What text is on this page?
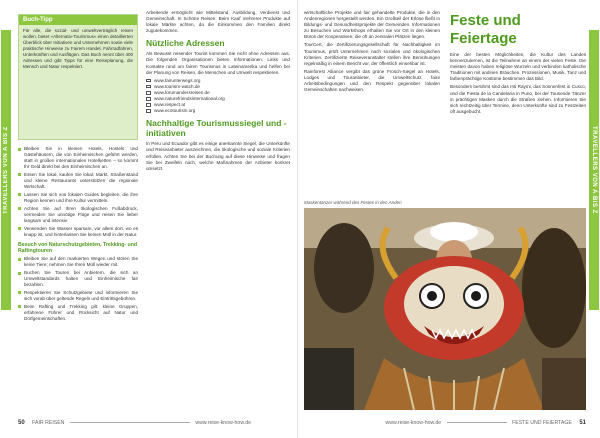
TRAVELLERS VON A BIS Z	TRAVELLERS VON A BIS Z
Buch-Tipp
Für alle, die sozial- und umweltverträglich reisen wollen, bietet »Alternativ-Tourismus« einen detaillierten Überblick über Initiativen und Unternehmen sowie viele praktische Hinweise zu Fairem Handel, Fahrradfahren, Unterkünften und Ausflügen. Das Buch nennt über 400 Adressen und gibt Tipps für eine Reiseplanung, die Mensch und Natur respektiert.
Bleiben Sie in kleinen Hotels, Hostels und Gästehäusern, die von Einheimischen geführt werden, statt in großen internationalen Hotelketten – so kommt Ihr Geld direkt bei den Einheimischen an.
Essen Sie lokal, kaufen Sie lokal: Markt, Straßenstand und kleine Restaurants unterstützen die regionale Wirtschaft.
Lassen Sie sich von lokalen Guides begleiten, die ihre Region kennen und ihre Kultur vermitteln.
Achten Sie auf Ihren ökologischen Fußabdruck, vermeiden Sie unnötige Flüge und reisen Sie lieber langsam und intensiv.
Verwenden Sie Wasser sparsam, vor allem dort, wo es knapp ist, und hinterlassen Sie keinen Müll in der Natur.
Besuch von Naturschutzgebieten, Trekking- und Raftingtouren
Bleiben Sie auf den markierten Wegen und stören Sie keine Tiere; nehmen Sie Ihren Müll wieder mit.
Buchen Sie Touren bei Anbietern, die sich an Umweltstandards halten und Einheimische fair bezahlen.
Respektieren Sie Schutzgebiete und informieren Sie sich vorab über geltende Regeln und Eintrittsgebühren.
Beim Rafting und Trekking gilt: kleine Gruppen, erfahrene Führer und Rücksicht auf Natur und Dorfgemeinschaften.

Arbeitende ermöglicht wie Mittelstand, Ausbildung, Verdienst und Gemeinschaft. In Schöne Reisen: Beim Kauf mehrerer Produkte auf lokale Märkte achten, da die Einkommen den Familien direkt zugutekommen.

Nützliche Adressen

Als Bewusst reisender Tourist kommen Sie nicht ohne Adressen aus. Die folgenden Organisationen bieten Informationen, Links und Kontakte rund um fairen Tourismus in Lateinamerika und helfen bei der Planung von Reisen, die Menschen und Umwelt respektieren.

www.fairunterwegs.org
www.tourism-watch.de
www.forumandersreisen.de
www.naturefriendsinternational.org
www.respect.at
www.ecotourism.org
Nachhaltige Tourismussiegel und -initiativen

In Peru und Ecuador gibt es einige anerkannte Siegel, die Unterkünfte und Reiseanbieter auszeichnen, die ökologische und soziale Kriterien erfüllen. Achten Sie bei der Buchung auf diese Hinweise und fragen Sie bei Zweifeln nach, welche Maßnahmen der Anbieter konkret umsetzt.

50 FAIR REISEN	www.reise-know-how.de

wirtschaftliche Projekte und fair gehandelte Produkte, die in den Andenregionen hergestellt werden. Ein Großteil der Erlöse fließt in Bildungs- und Gesundheitsprojekte der Gemeinden. Informationen zu Besuchen und Workshops erhalten Sie vor Ort in den kleinen Büros der Kooperativen, die oft an zentralen Plätzen liegen.

TourCert, die Zertifizierungsgesellschaft für Nachhaltigkeit im Tourismus, prüft Unternehmen nach sozialen und ökologischen Kriterien. Zertifizierte Reiseveranstalter stellen ihre Bemühungen regelmäßig in einem Bericht vor, der öffentlich einsehbar ist.

Rainforest Alliance vergibt das grüne Frosch-Siegel an Hotels, Lodges und Touranbieter, die Umweltschutz, faire Arbeitsbedingungen und den Respekt gegenüber lokalen Gemeinschaften nachweisen.

Feste und Feiertage

Eine der besten Möglichkeiten, die Kultur des Landes kennenzulernen, ist die Teilnahme an einem der vielen Feste. Die meisten davon haben religiöse Wurzeln und verbinden katholische Traditionen mit andinen Bräuchen. Prozessionen, Musik, Tanz und farbenprächtige Kostüme bestimmen das Bild.

Besonders berühmt sind das Inti Raymi, das Sonnenfest in Cusco, und die Fiesta de la Candelaria in Puno, bei der Tausende Tänzer in prächtigen Masken durch die Straßen ziehen. Informieren Sie sich rechtzeitig über Termine, denn Unterkünfte sind zu Festzeiten oft ausgebucht.

Maskentänzer während des Festes in den Anden
www.reise-know-how.de	FESTE UND FEIERTAGE 51
